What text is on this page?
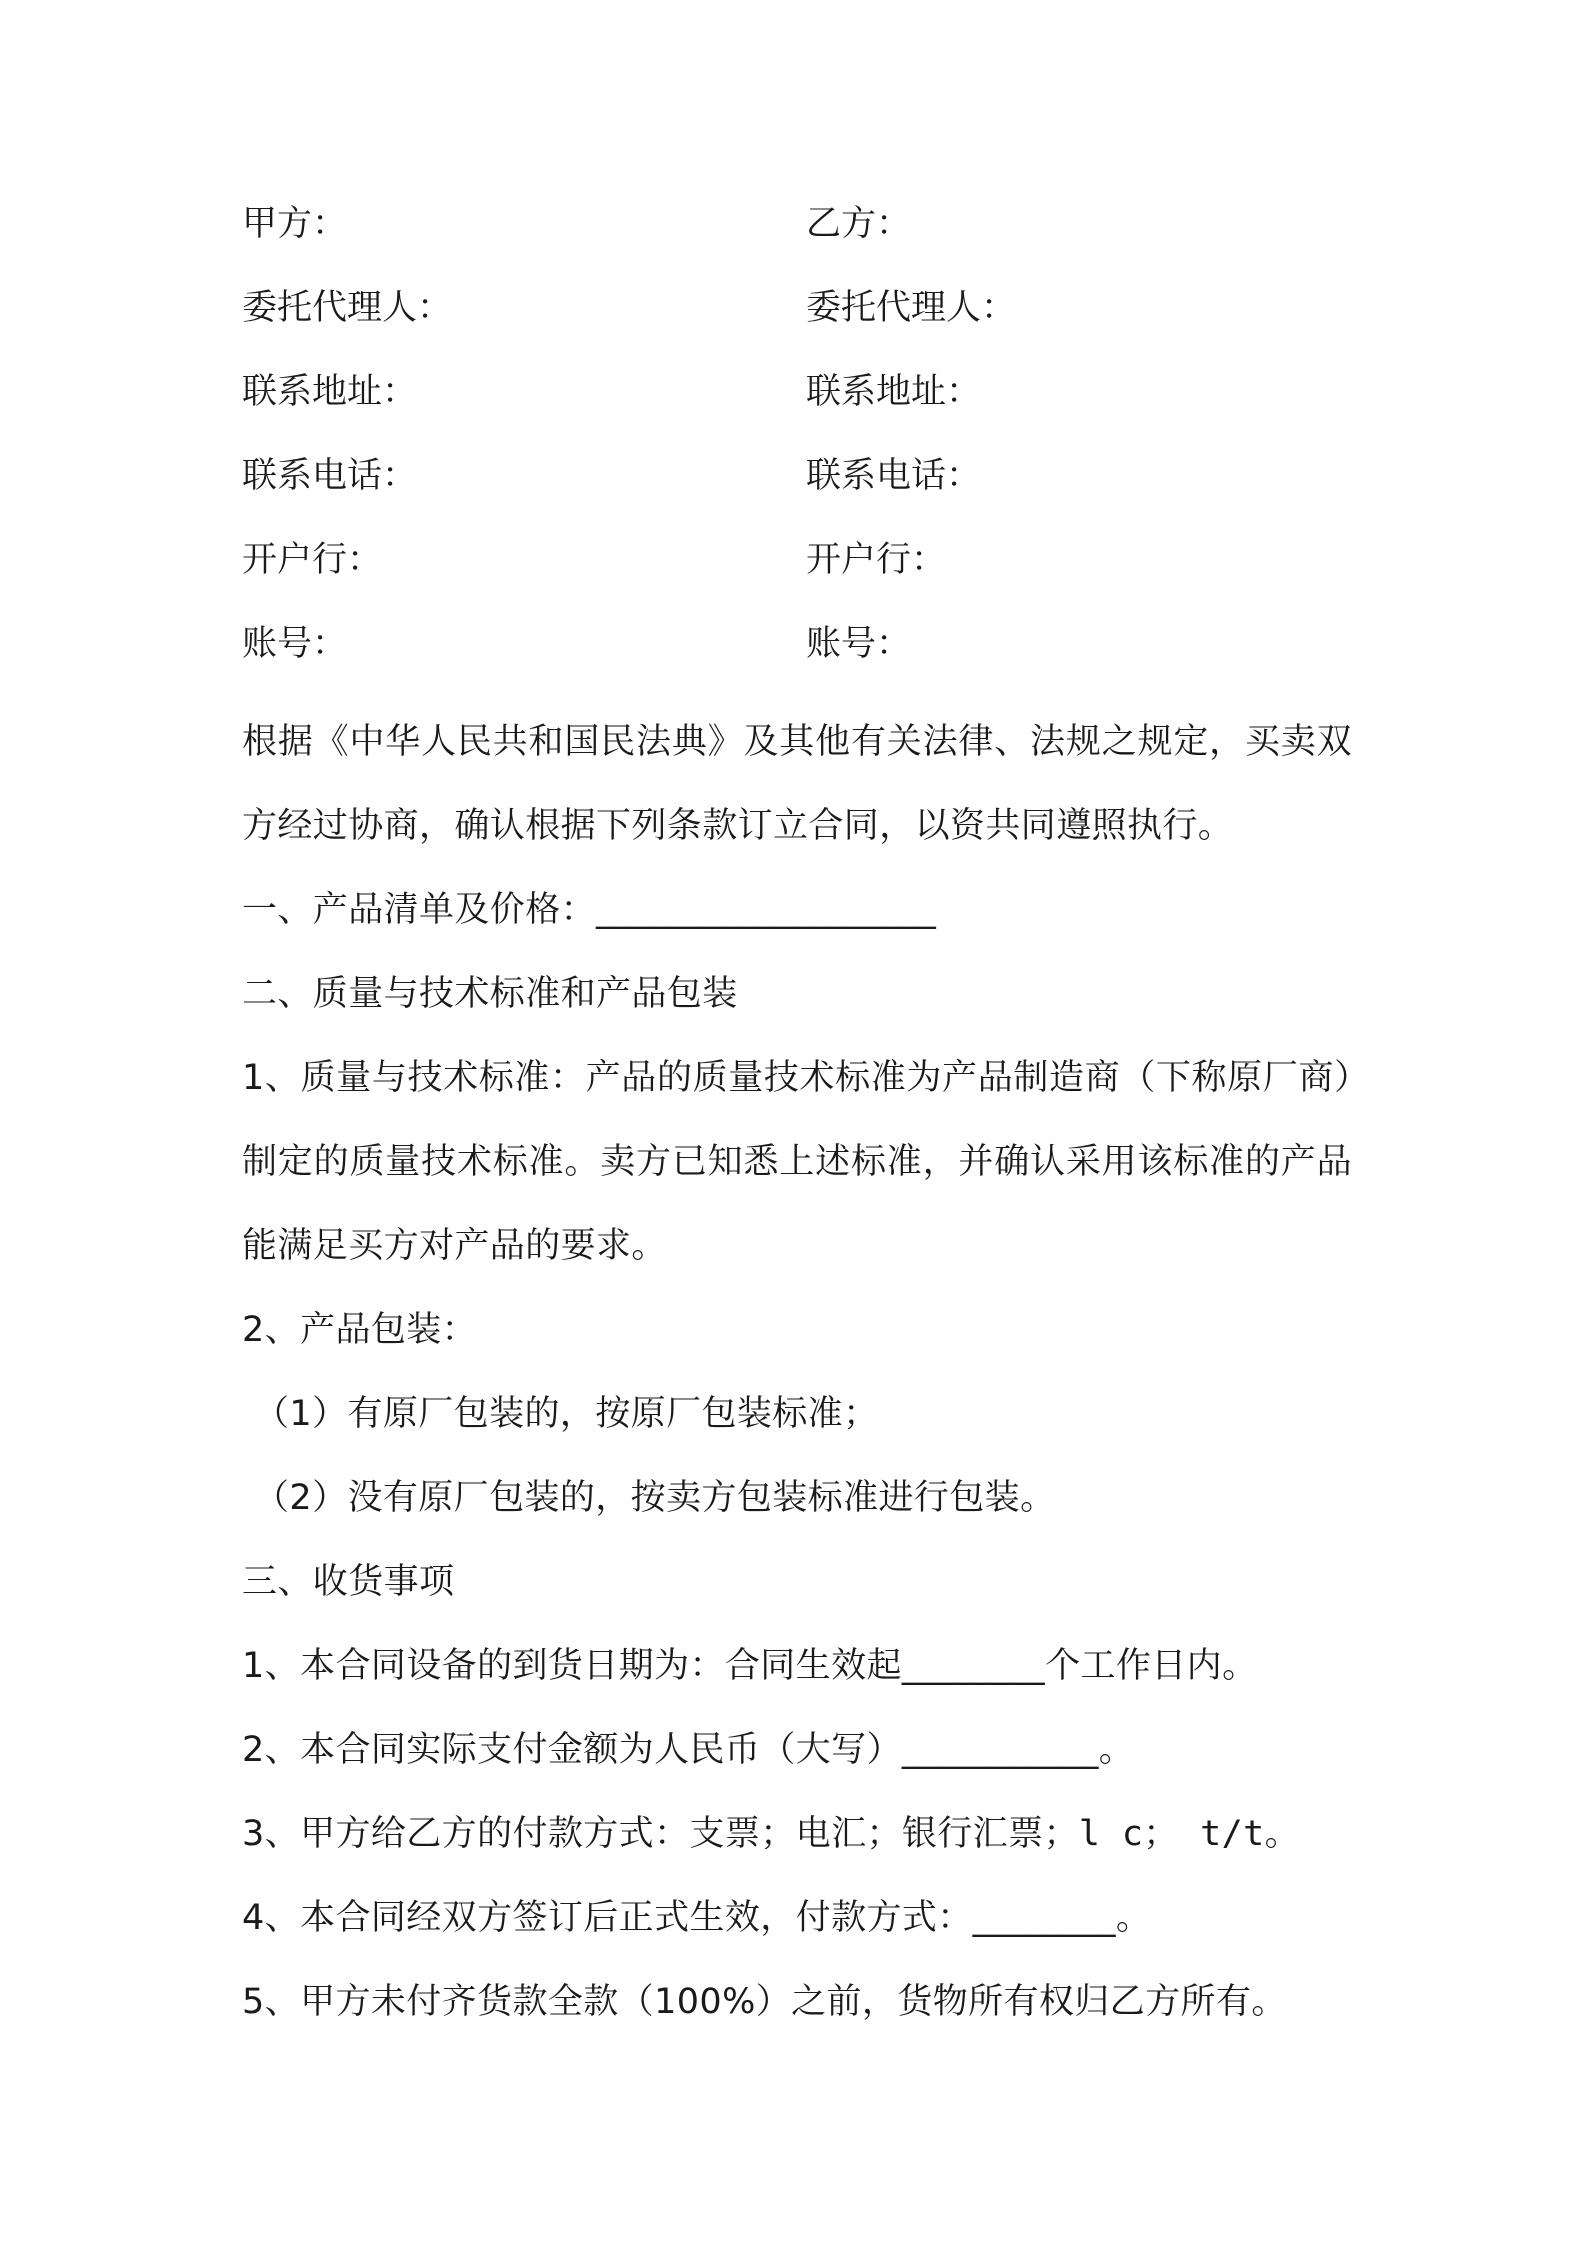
甲方：	乙方：
委托代理人：	委托代理人：
联系地址：	联系地址：
联系电话：	联系电话：
开户行：	开户行：
账号：	账号：

根据《中华人民共和国民法典》及其他有关法律、法规之规定，买卖双方经过协商，确认根据下列条款订立合同，以资共同遵照执行。

一、产品清单及价格：___________________

二、质量与技术标准和产品包装

1、质量与技术标准：产品的质量技术标准为产品制造商（下称原厂商）制定的质量技术标准。卖方已知悉上述标准，并确认采用该标准的产品能满足买方对产品的要求。

2、产品包装：

（1）有原厂包装的，按原厂包装标准；

（2）没有原厂包装的，按卖方包装标准进行包装。

三、收货事项

1、本合同设备的到货日期为：合同生效起________个工作日内。

2、本合同实际支付金额为人民币（大写）___________。

3、甲方给乙方的付款方式：支票；电汇；银行汇票；l c； t/t。

4、本合同经双方签订后正式生效，付款方式：________。

5、甲方未付齐货款全款（100%）之前，货物所有权归乙方所有。
